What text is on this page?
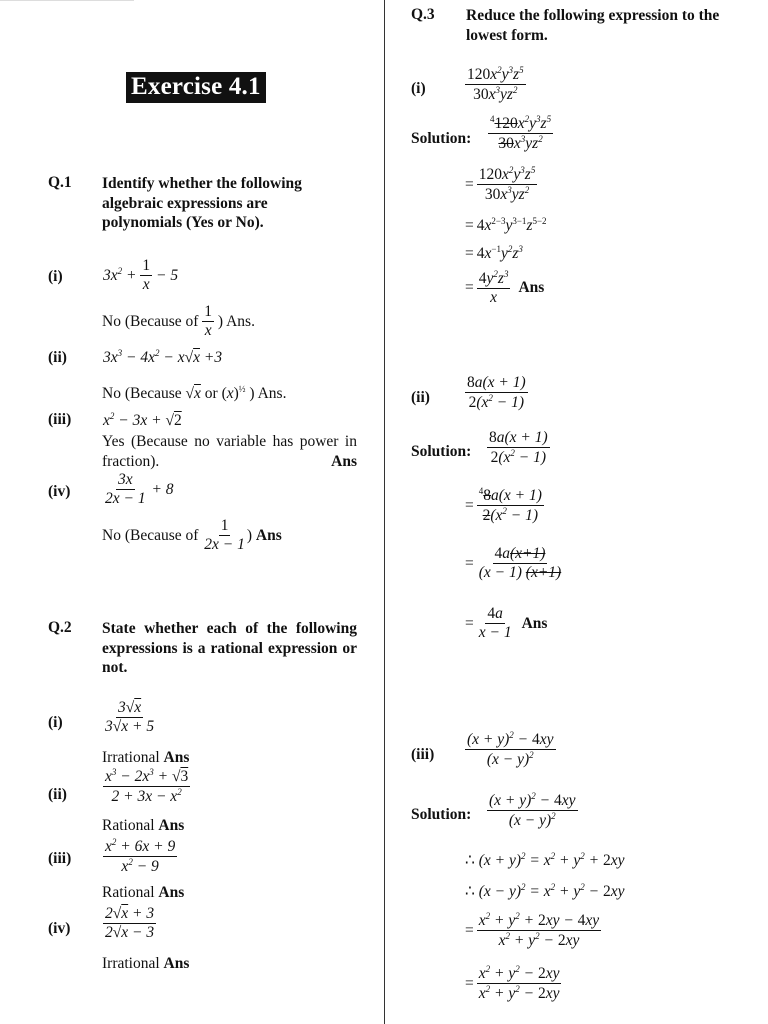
Exercise 4.1
Q.1 Identify whether the following algebraic expressions are polynomials (Yes or No).
(i)	$3x^2 + \frac{1}{x} - 5$
No (Because of $\frac{1}{x}$ ) Ans.
(ii) $3x^3 - 4x^2 - x√x +3$
No (Because √x or $(x)^{\frac{1}{2}}$ ) Ans.
(iii) $x^2 - 3x + √2$
Yes (Because no variable has power in fraction).	Ans
$(iv) \frac{3x}{2x - 1} + 8$
No (Because of $\frac{1}{2x - 1}$ ) Ans
Q.2 State whether each of the following expressions is a rational expression or not.
(i)	$\frac{3√x}{3√x + 5}$
Irrational Ans
$(ii) \frac{x^3 - 2x^3 + √3}{2 + 3x - x^2}$
Rational Ans
$(iii) \frac{x^2 + 6x + 9}{x^2 - 9}$
Rational Ans
$(iv) \frac{2√x + 3}{2√x - 3}$
Irrational Ans
Q.3 Reduce the following expression to the lowest form.
(i)	$\frac{120x^2y^3z^5}{30x^3yz^2}$
Solution: $\frac{^4120x^2y^3z^5}{30x^3yz^2}$
= $\frac{120x^2y^3z^5}{30x^3yz^2}$
= $4x^{2-3}y^{3-1}z^{5-2}$
= $4x^{-1}y^2z^3$
= $\frac{4y^2z^3}{x}$ Ans
$(ii) \frac{8a(x + 1)}{2(x^2 - 1)}$
Solution: $\frac{8a(x + 1)}{2(x^2 - 1)}$
= $\frac{^48a(x + 1)}{2(x^2 - 1)}$
= $\frac{4a(x+1)}{(x - 1) (x+1)}$
= $\frac{4a}{x - 1}$ Ans
$(iii) \frac{(x + y)^2 - 4xy}{(x - y)^2}$
Solution: $\frac{(x + y)^2 - 4xy}{(x - y)^2}$
∴ $(x + y)^2 = x^2 + y^2 + 2xy$
∴ $(x - y)^2 = x^2 + y^2 - 2xy$
= $\frac{x^2 + y^2 + 2xy - 4xy}{x^2 + y^2 - 2xy}$
= $\frac{x^2 + y^2 - 2xy}{x^2 + y^2 - 2xy}$
